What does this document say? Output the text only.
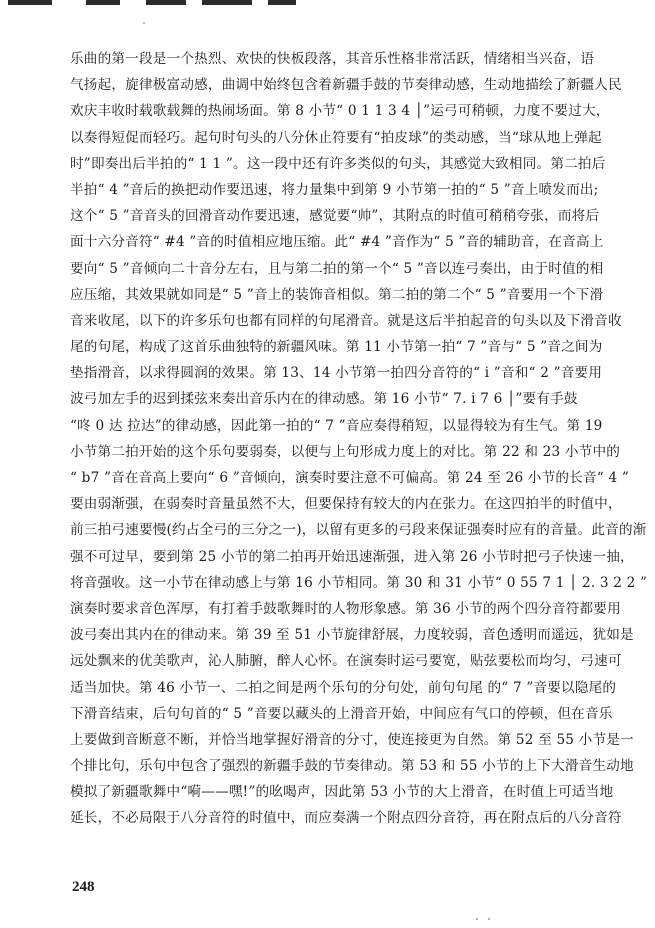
乐曲的第一段是一个热烈、欢快的快板段落，其音乐性格非常活跃，情绪相当兴奋，语
气扬起，旋律极富动感，曲调中始终包含着新疆手鼓的节奏律动感，生动地描绘了新疆人民
欢庆丰收时载歌载舞的热闹场面。第 8 小节“ 0 1 1 3 4 │”运弓可稍顿，力度不要过大，
以奏得短促而轻巧。起句时句头的八分休止符要有“拍皮球”的类动感，当“球从地上弹起
时”即奏出后半拍的“ 1 1 ”。这一段中还有许多类似的句头，其感觉大致相同。第二拍后
半拍“ 4 ”音后的换把动作要迅速，将力量集中到第 9 小节第一拍的“ 5 ”音上喷发而出;
这个“ 5 ”音音头的回滑音动作要迅速，感觉要“帅”，其附点的时值可稍稍夸张，而将后
面十六分音符“ #4 ”音的时值相应地压缩。此“ #4 ”音作为“ 5 ”音的辅助音，在音高上
要向“ 5 ”音倾向二十音分左右，且与第二拍的第一个“ 5 ”音以连弓奏出，由于时值的相
应压缩，其效果就如同是“ 5 ”音上的装饰音相似。第二拍的第二个“ 5 ”音要用一个下滑
音来收尾，以下的许多乐句也都有同样的句尾滑音。就是这后半拍起音的句头以及下滑音收
尾的句尾，构成了这首乐曲独特的新疆风味。第 11 小节第一拍“ 7 ”音与“ 5 ”音之间为
垫指滑音，以求得圆润的效果。第 13、14 小节第一拍四分音符的“ i ”音和“ 2 ”音要用
波弓加左手的迟到揉弦来奏出音乐内在的律动感。第 16 小节“ 7. i 7 6 │”要有手鼓
“咚 0 达 拉达”的律动感，因此第一拍的“ 7 ”音应奏得稍短，以显得较为有生气。第 19
小节第二拍开始的这个乐句要弱奏，以便与上句形成力度上的对比。第 22 和 23 小节中的
“ b7 ”音在音高上要向“ 6 ”音倾向，演奏时要注意不可偏高。第 24 至 26 小节的长音“ 4 ”
要由弱渐强，在弱奏时音量虽然不大，但要保持有较大的内在张力。在这四拍半的时值中，
前三拍弓速要慢(约占全弓的三分之一)，以留有更多的弓段来保证强奏时应有的音量。此音的渐
强不可过早，要到第 25 小节的第二拍再开始迅速渐强，进入第 26 小节时把弓子快速一抽，
将音强收。这一小节在律动感上与第 16 小节相同。第 30 和 31 小节“ 0 55 7 1 │ 2. 3 2 2 ”
演奏时要求音色浑厚，有打着手鼓歌舞时的人物形象感。第 36 小节的两个四分音符都要用
波弓奏出其内在的律动来。第 39 至 51 小节旋律舒展，力度较弱，音色透明而遥远，犹如是
远处飘来的优美歌声，沁人肺腑，醉人心怀。在演奏时运弓要宽，贴弦要松而均匀，弓速可
适当加快。第 46 小节一、二拍之间是两个乐句的分句处，前句句尾 的“ 7 ”音要以隐尾的
下滑音结束，后句句首的“ 5 ”音要以藏头的上滑音开始，中间应有气口的停顿，但在音乐
上要做到音断意不断，并恰当地掌握好滑音的分寸，使连接更为自然。第 52 至 55 小节是一
个排比句，乐句中包含了强烈的新疆手鼓的节奏律动。第 53 和 55 小节的上下大滑音生动地
模拟了新疆歌舞中“嗬——嘿!”的吆喝声，因此第 53 小节的大上滑音，在时值上可适当地
延长，不必局限于八分音符的时值中，而应奏满一个附点四分音符，再在附点后的八分音符
248
